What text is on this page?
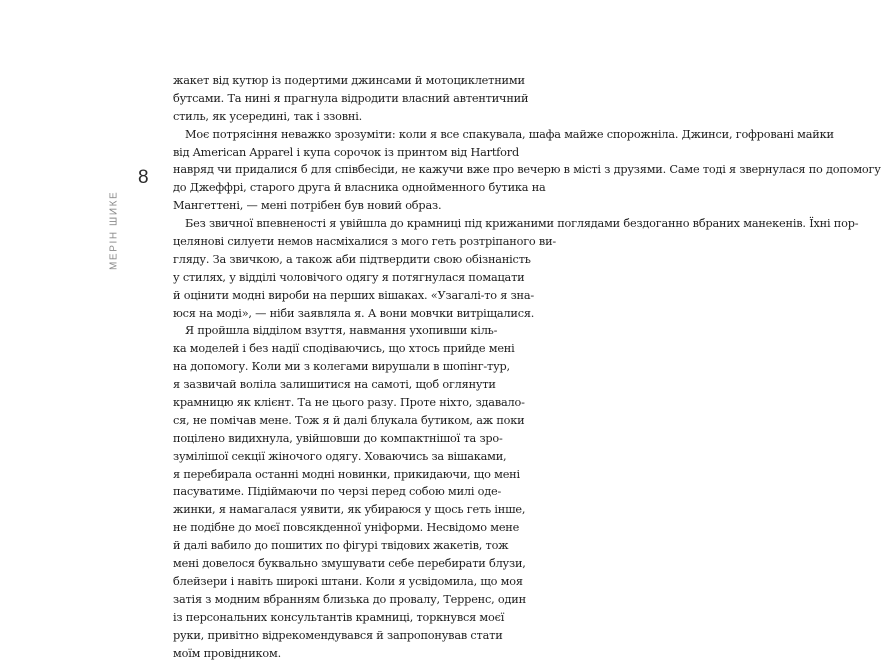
8
МЕРІН ШИКЕ
жакет від кутюр із подертими джинсами й мотоциклетними
бутсами. Та нині я прагнула відродити власний автентичний
стиль, як усередині, так і ззовні.
Моє потрясіння неважко зрозуміти: коли я все спакувала, шафа майже спорожніла. Джинси, гофровані майки
від American Apparel і купа сорочок із принтом від Hartford
навряд чи придалися б для співбесіди, не кажучи вже про вечерю в місті з друзями. Саме тоді я звернулася по допомогу
до Джеффрі, старого друга й власника однойменного бутика на
Мангеттені, — мені потрібен був новий образ.
Без звичної впевненості я увійшла до крамниці під крижаними поглядами бездоганно вбраних манекенів. Їхні пор-
целянові силуети немов насміхалися з мого геть розтріпаного ви-
гляду. За звичкою, а також аби підтвердити свою обізнаність
у стилях, у відділі чоловічого одягу я потягнулася помацати
й оцінити модні вироби на перших вішаках. «Узагалі-то я зна-
юся на моді», — ніби заявляла я. А вони мовчки витріщалися.
Я пройшла відділом взуття, навмання ухопивши кіль-
ка моделей і без надії сподіваючись, що хтось прийде мені
на допомогу. Коли ми з колегами вирушали в шопінг-тур,
я зазвичай воліла залишитися на самоті, щоб оглянути
крамницю як клієнт. Та не цього разу. Проте ніхто, здавало-
ся, не помічав мене. Тож я й далі блукала бутиком, аж поки
поцілено видихнула, увійшовши до компактнішої та зро-
зумілішої секції жіночого одягу. Ховаючись за вішаками,
я перебирала останні модні новинки, прикидаючи, що мені
пасуватиме. Підіймаючи по черзі перед собою милі оде-
жинки, я намагалася уявити, як убираюся у щось геть інше,
не подібне до моєї повсякденної уніформи. Несвідомо мене
й далі вабило до пошитих по фігурі твідових жакетів, тож
мені довелося буквально змушувати себе перебирати блузи,
блейзери і навіть широкі штани. Коли я усвідомила, що моя
затія з модним вбранням близька до провалу, Терренс, один
із персональних консультантів крамниці, торкнувся моєї
руки, привітно відрекомендувався й запропонував стати
моїм провідником.
